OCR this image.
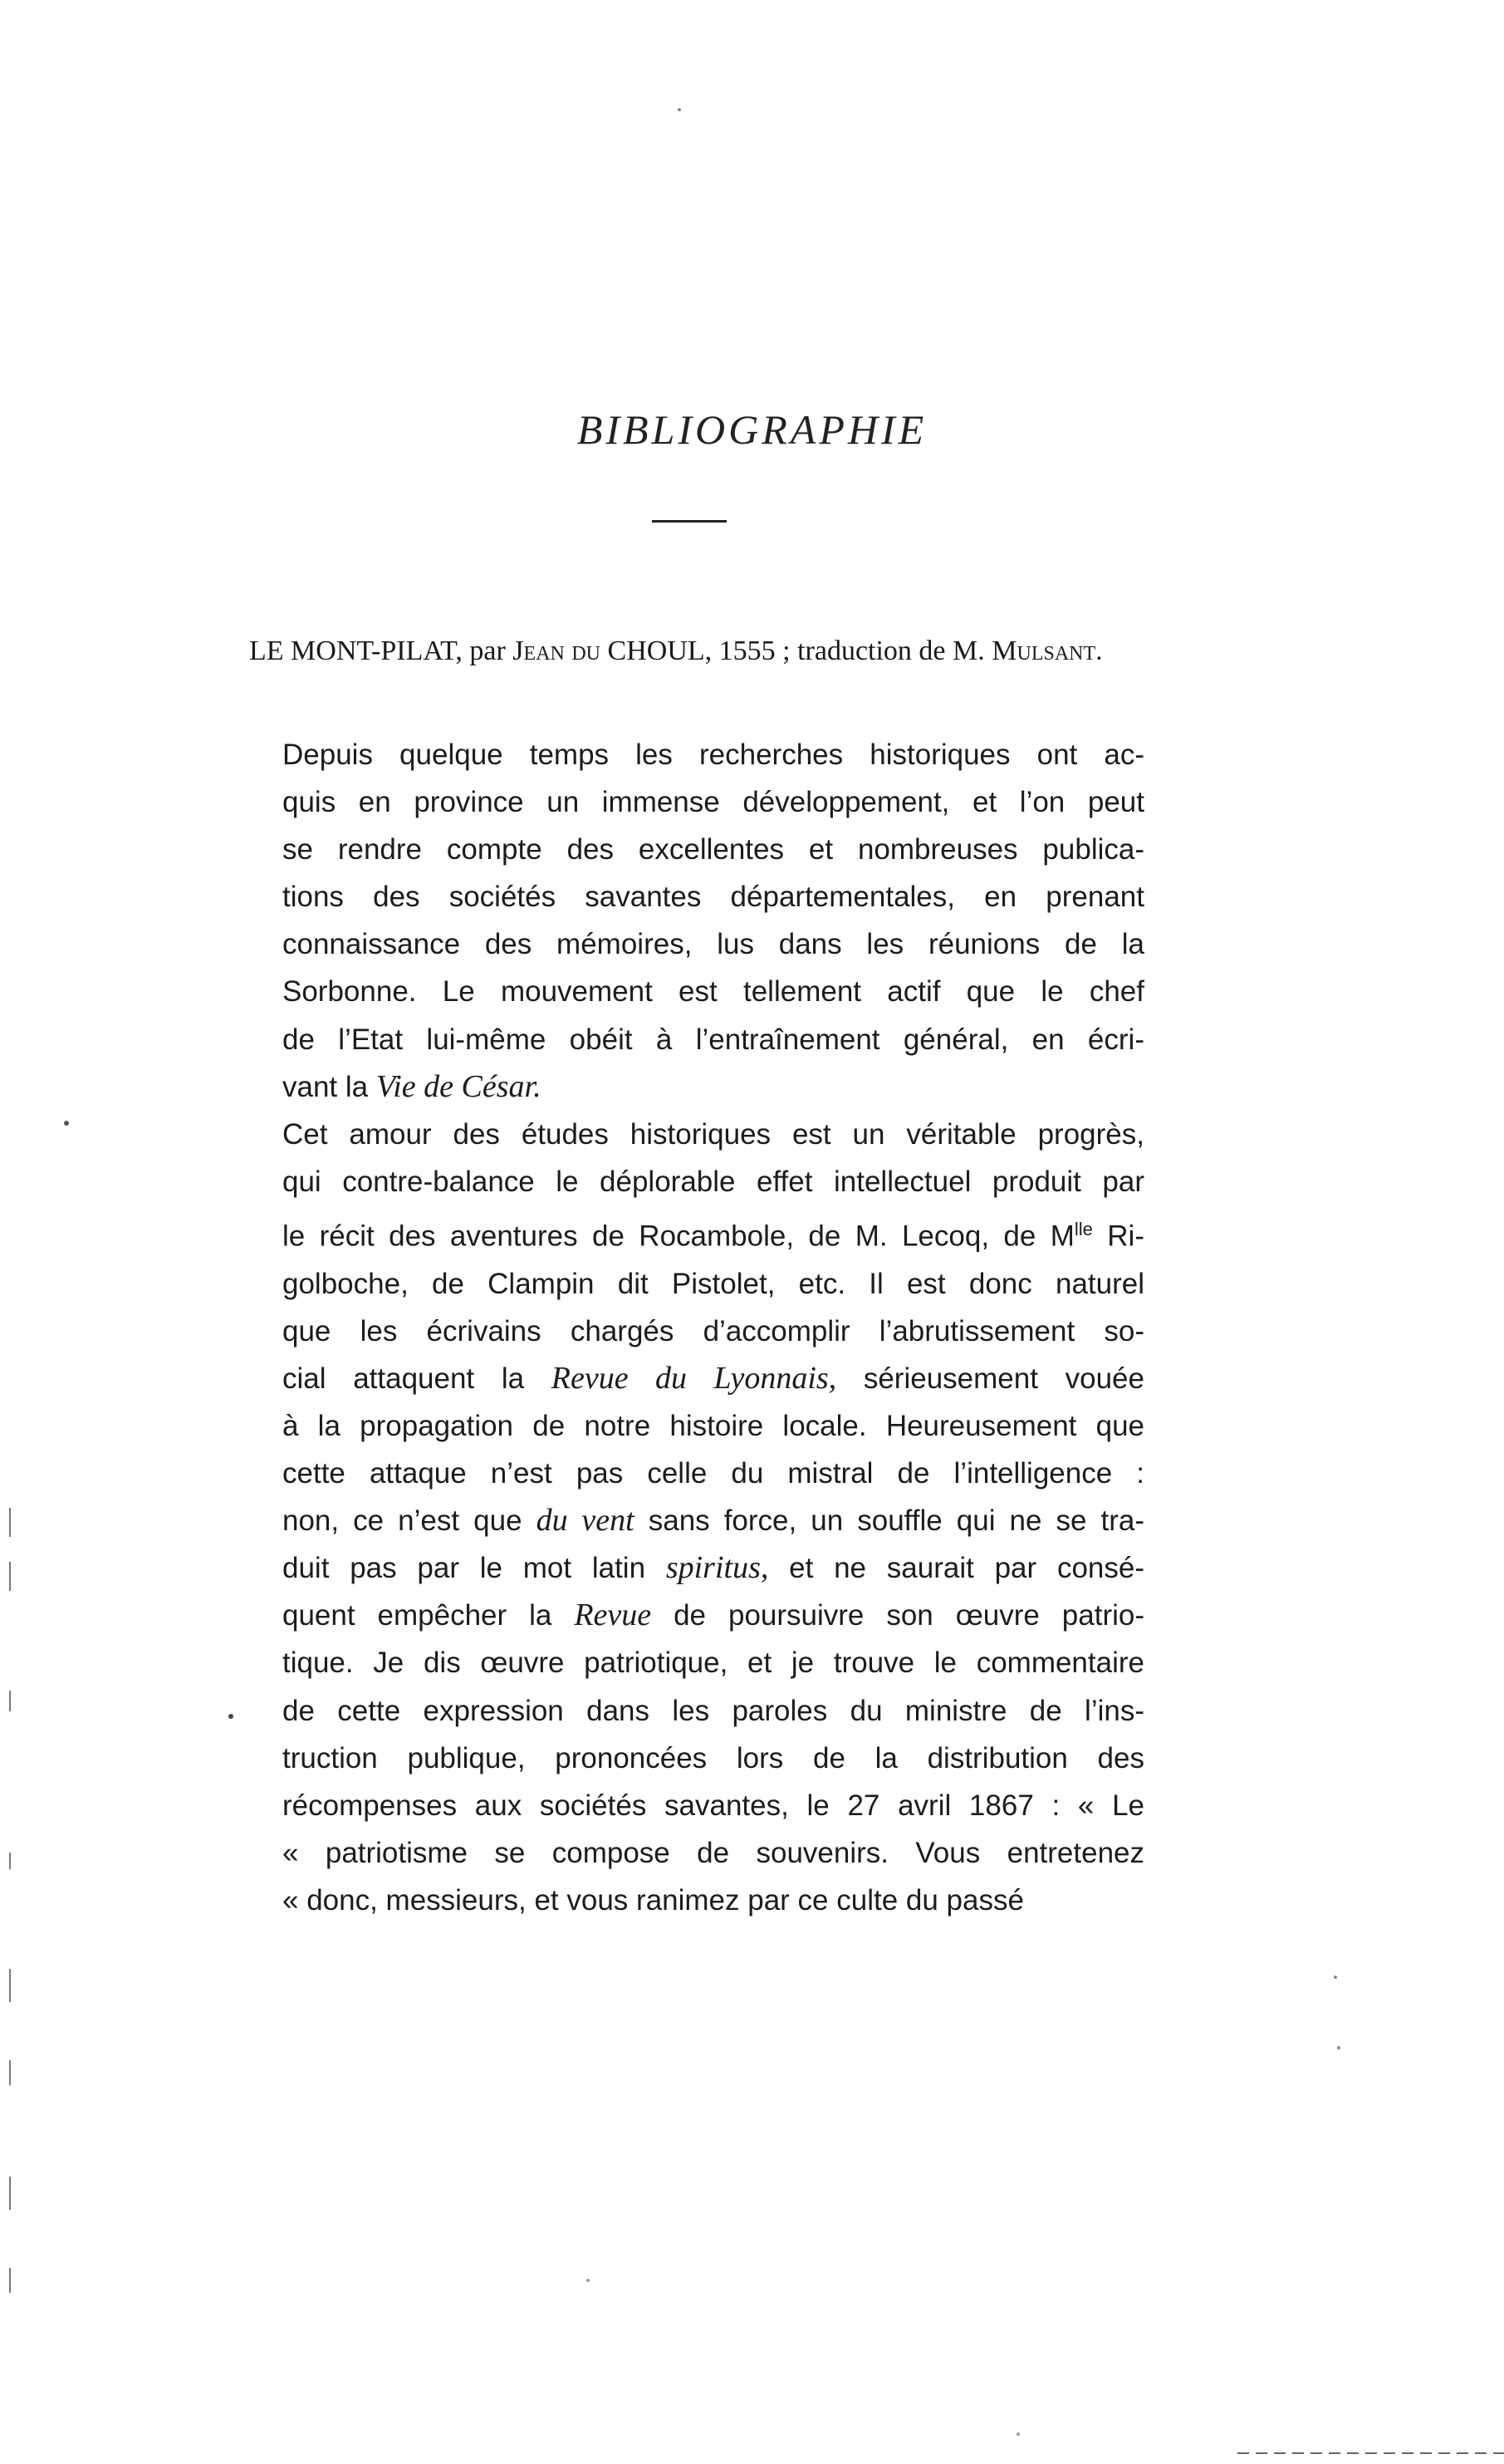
BIBLIOGRAPHIE
LE MONT-PILAT, par Jean du CHOUL, 1555 ; traduction de M. Mulsant.

Depuis quelque temps les recherches historiques ont ac-
quis en province un immense développement, et l’on peut
se rendre compte des excellentes et nombreuses publica-
tions des sociétés savantes départementales, en prenant
connaissance des mémoires, lus dans les réunions de la
Sorbonne. Le mouvement est tellement actif que le chef
de l’Etat lui-même obéit à l’entraînement général, en écri-
vant la Vie de César.

Cet amour des études historiques est un véritable progrès,
qui contre-balance le déplorable effet intellectuel produit par
le récit des aventures de Rocambole, de M. Lecoq, de $M^{lle}$ Ri-
golboche, de Clampin dit Pistolet, etc. Il est donc naturel
que les écrivains chargés d’accomplir l’abrutissement so-
cial attaquent la Revue du Lyonnais, sérieusement vouée
à la propagation de notre histoire locale. Heureusement que
cette attaque n’est pas celle du mistral de l’intelligence :
non, ce n’est que du vent sans force, un souffle qui ne se tra-
duit pas par le mot latin spiritus, et ne saurait par consé-
quent empêcher la Revue de poursuivre son œuvre patrio-
tique. Je dis œuvre patriotique, et je trouve le commentaire
de cette expression dans les paroles du ministre de l’ins-
truction publique, prononcées lors de la distribution des
récompenses aux sociétés savantes, le 27 avril 1867 : « Le
« patriotisme se compose de souvenirs. Vous entretenez
« donc, messieurs, et vous ranimez par ce culte du passé
